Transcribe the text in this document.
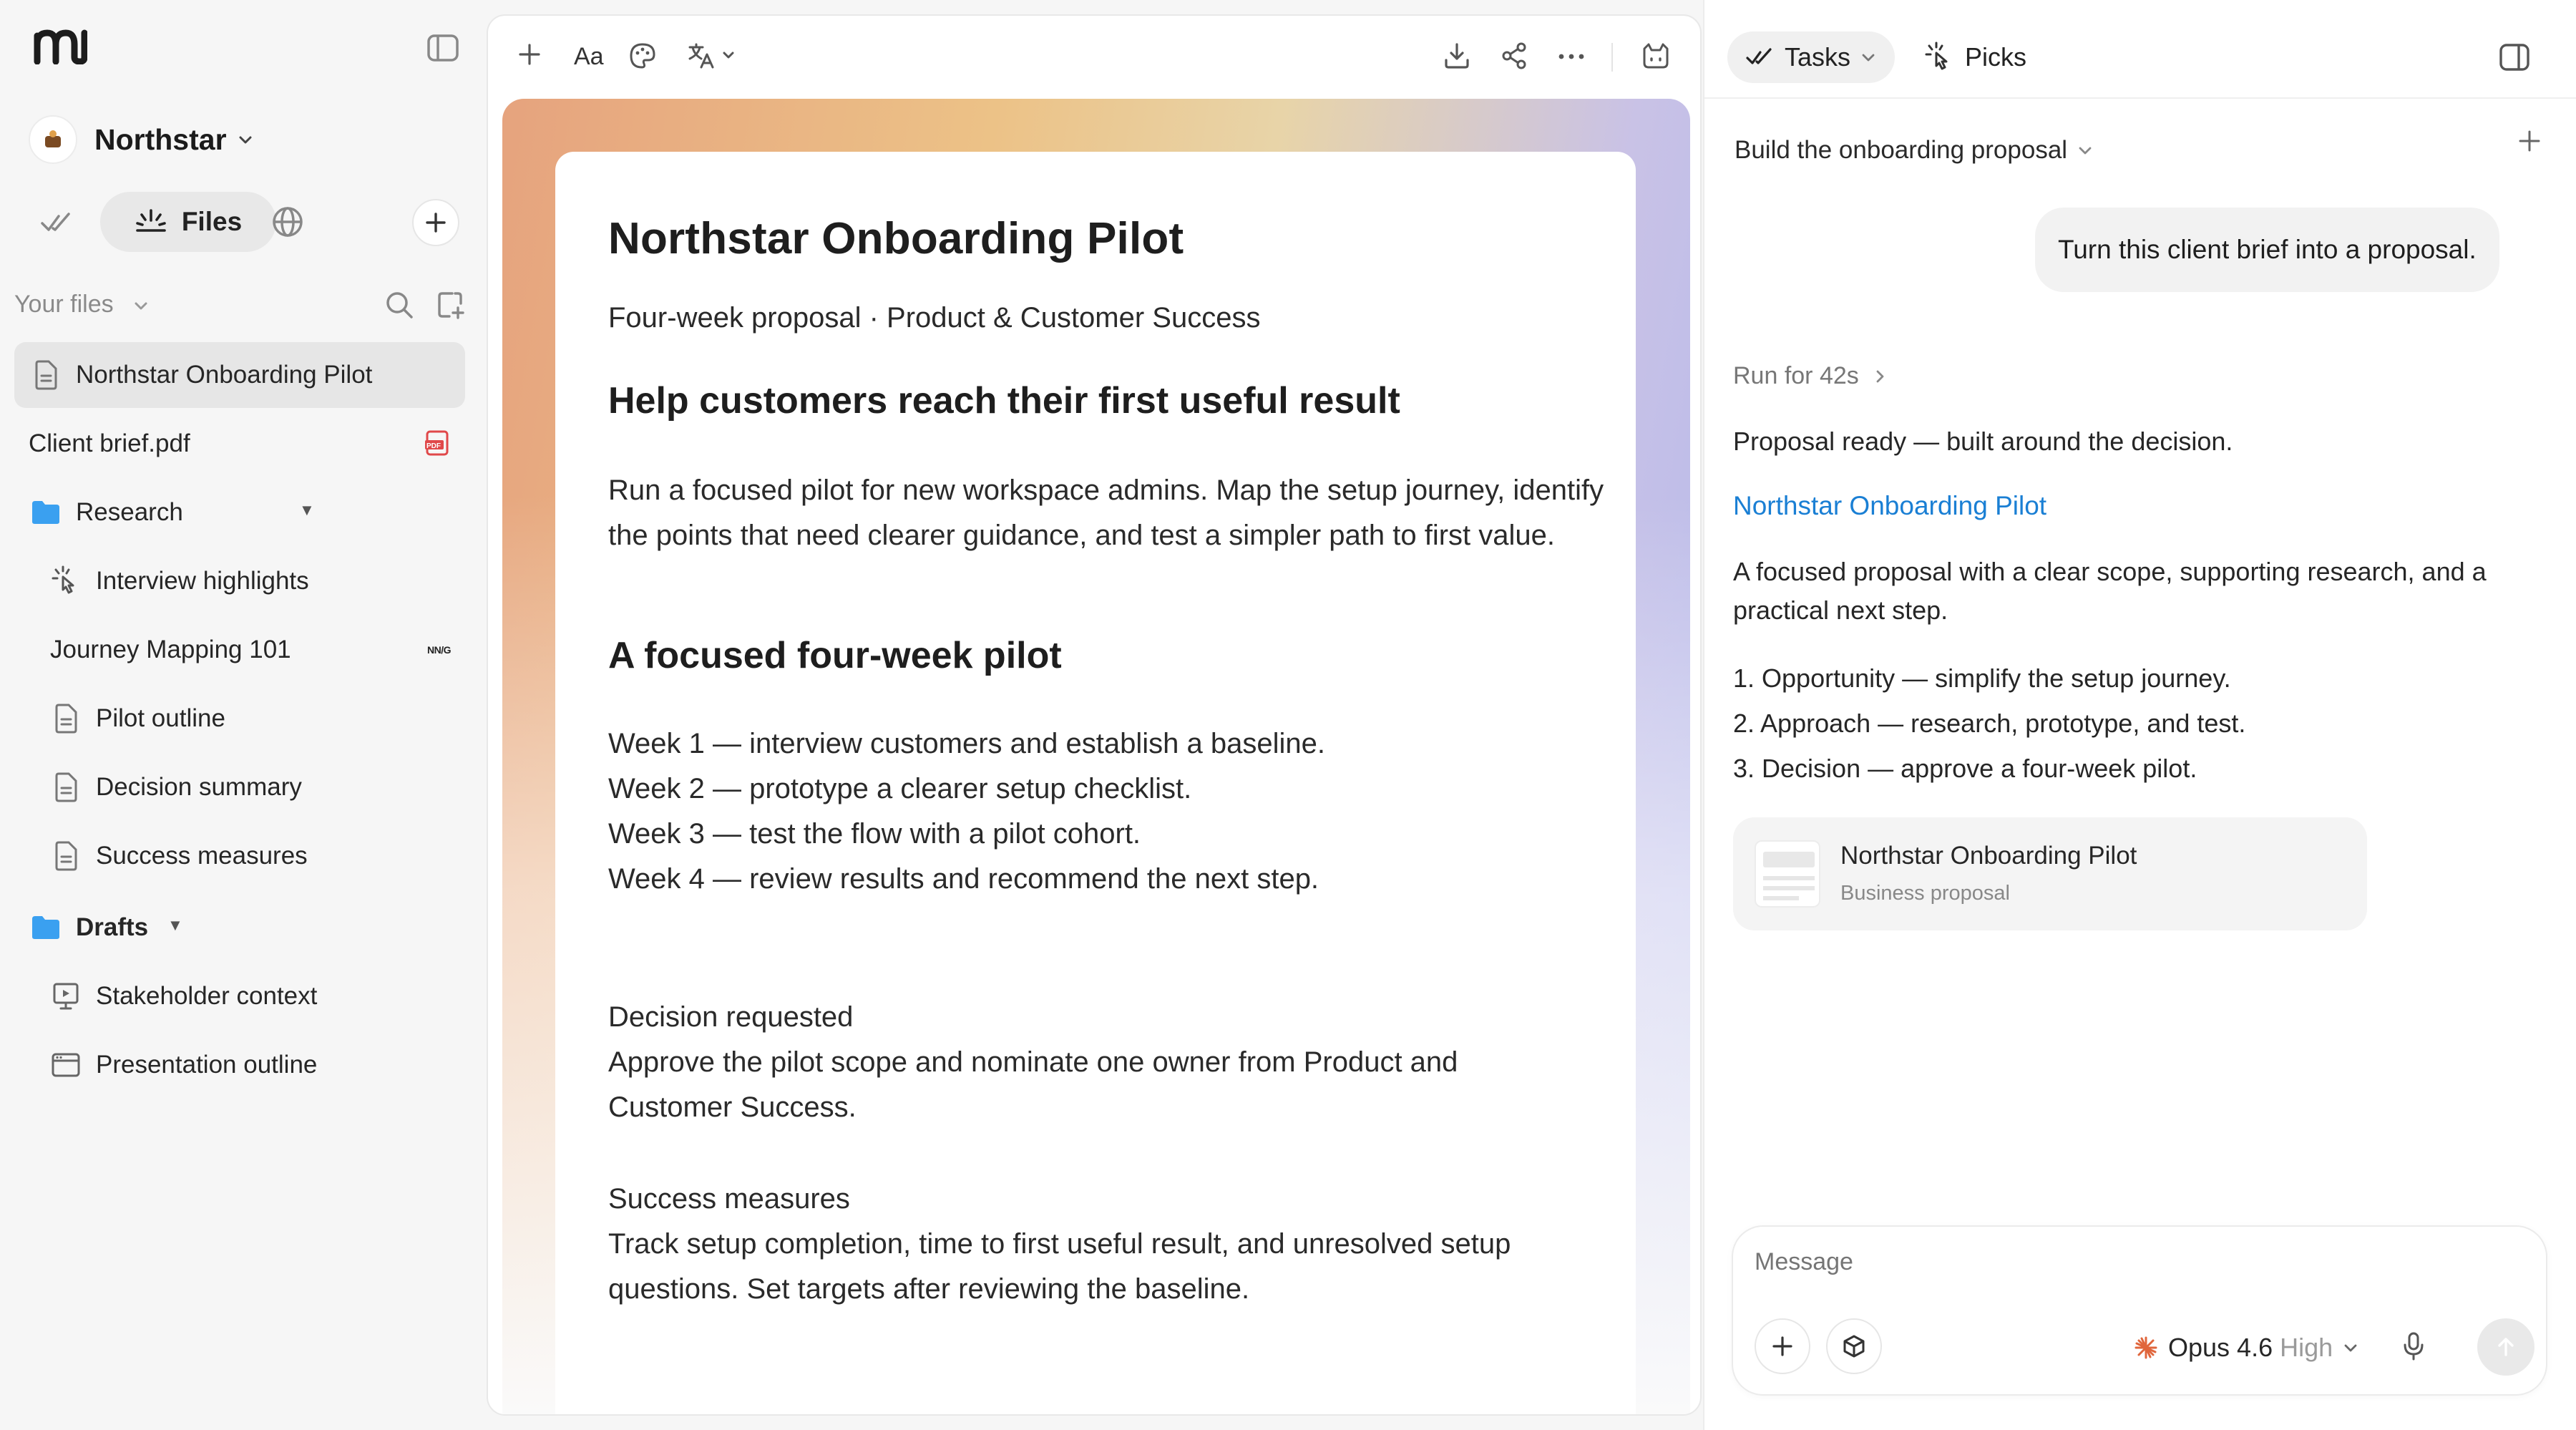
Northstar
Files
Your files
Northstar Onboarding Pilot
Client brief.pdf	PDF
Research	▼
Interview highlights
Journey Mapping 101	NN/G
Pilot outline
Decision summary
Success measures
Drafts ▼
Stakeholder context
Presentation outline
Aa
Northstar Onboarding Pilot

Four-week proposal · Product & Customer Success

Help customers reach their first useful result

Run a focused pilot for new workspace admins. Map the setup journey, identify the points that need clearer guidance, and test a simpler path to first value.

A focused four-week pilot
Week 1 — interview customers and establish a baseline.
Week 2 — prototype a clearer setup checklist.
Week 3 — test the flow with a pilot cohort.
Week 4 — review results and recommend the next step.
Decision requested
Approve the pilot scope and nominate one owner from Product and Customer Success.
Success measures
Track setup completion, time to first useful result, and unresolved setup questions. Set targets after reviewing the baseline.
Tasks	Picks
Build the onboarding proposal
Turn this client brief into a proposal.
Run for 42s
Proposal ready — built around the decision.
Northstar Onboarding Pilot

A focused proposal with a clear scope, supporting research, and a practical next step.

1. Opportunity — simplify the setup journey.
2. Approach — research, prototype, and test.
3. Decision — approve a four-week pilot.
Northstar Onboarding Pilot
Business proposal
Message
Opus 4.6 High
